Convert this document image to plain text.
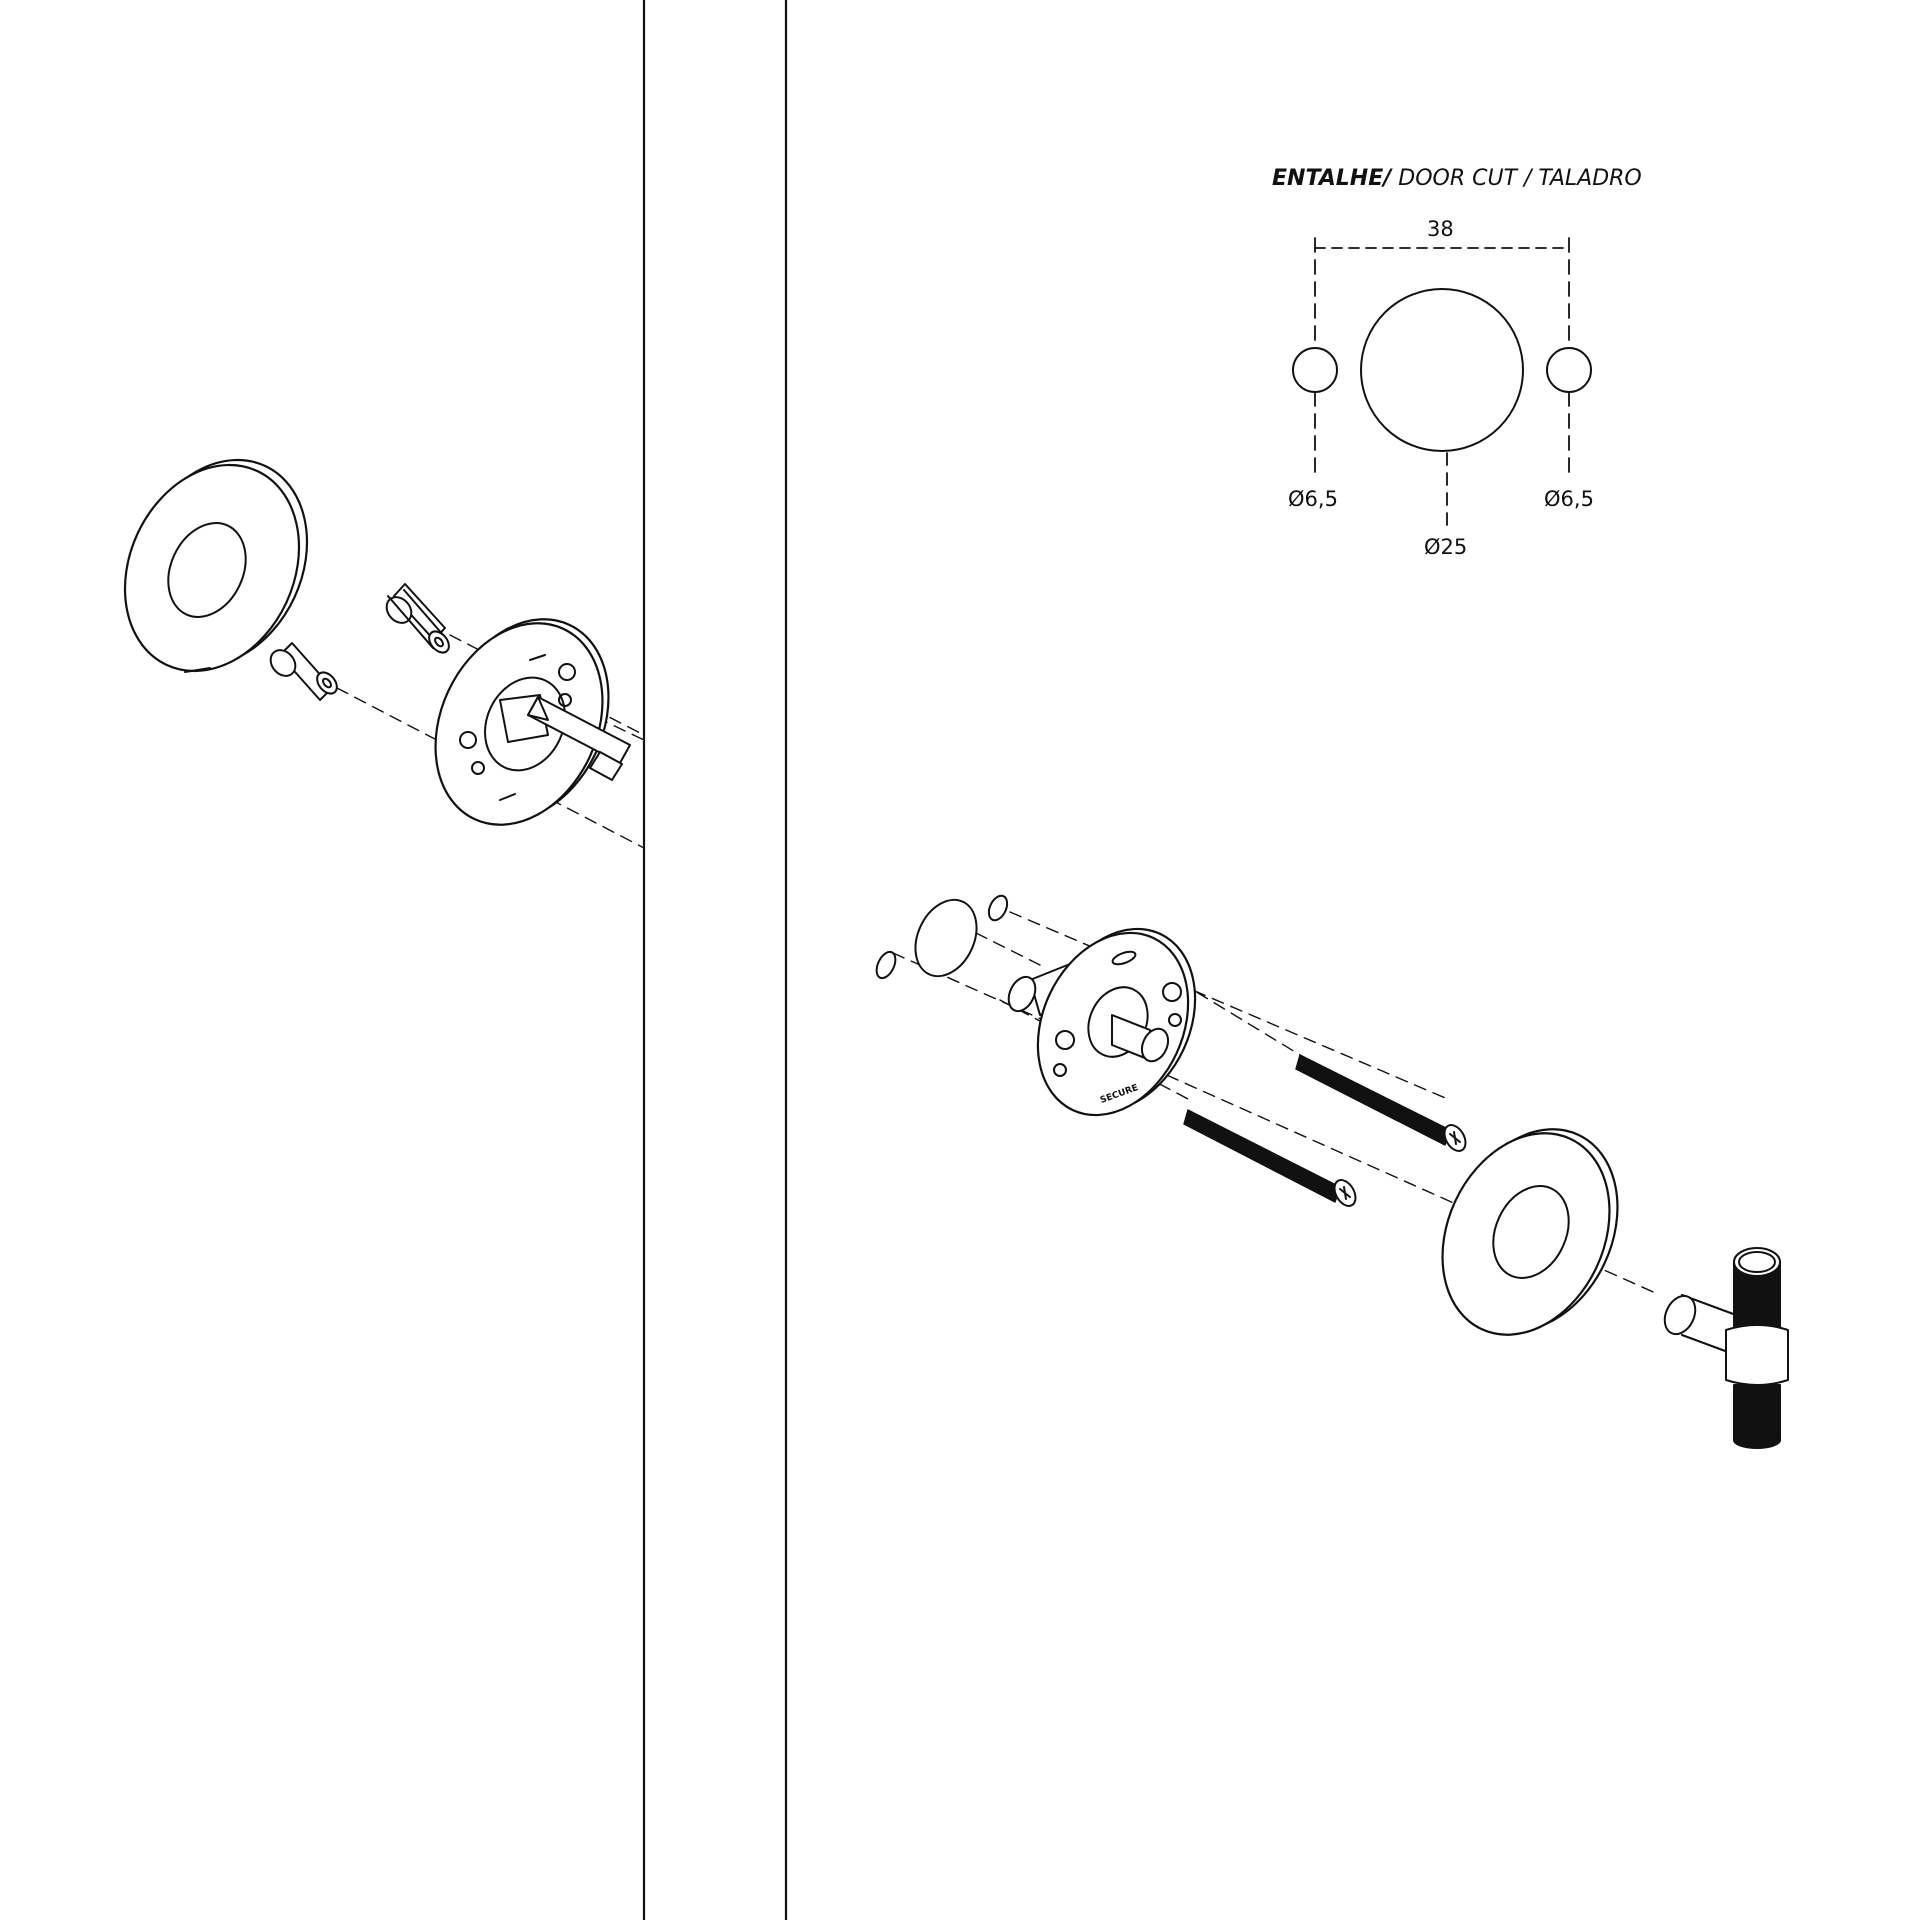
SECURE
ENTALHE/ DOOR CUT / TALADRO
38
Ø6,5	Ø6,5
Ø25
